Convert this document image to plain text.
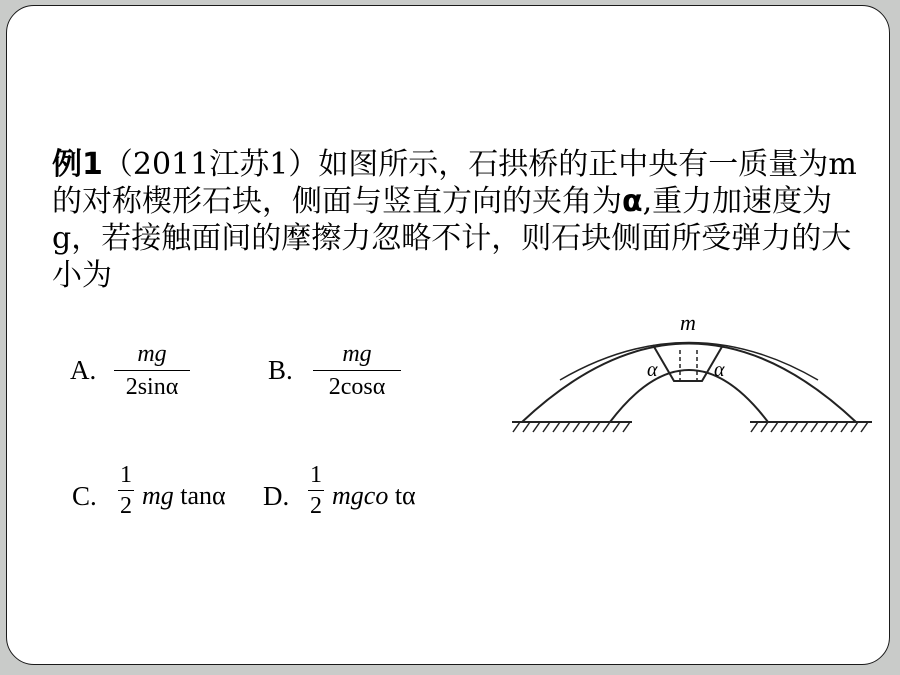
例1（2011江苏1）如图所示，石拱桥的正中央有一质量为m的对称楔形石块，侧面与竖直方向的夹角为α,重力加速度为g，若接触面间的摩擦力忽略不计，则石块侧面所受弹力的大小为
A.
mg
2sinα
B.
mg
2cosα
C.
1
2 mg tanα D.
1
2 mgco tα
m
α	α
